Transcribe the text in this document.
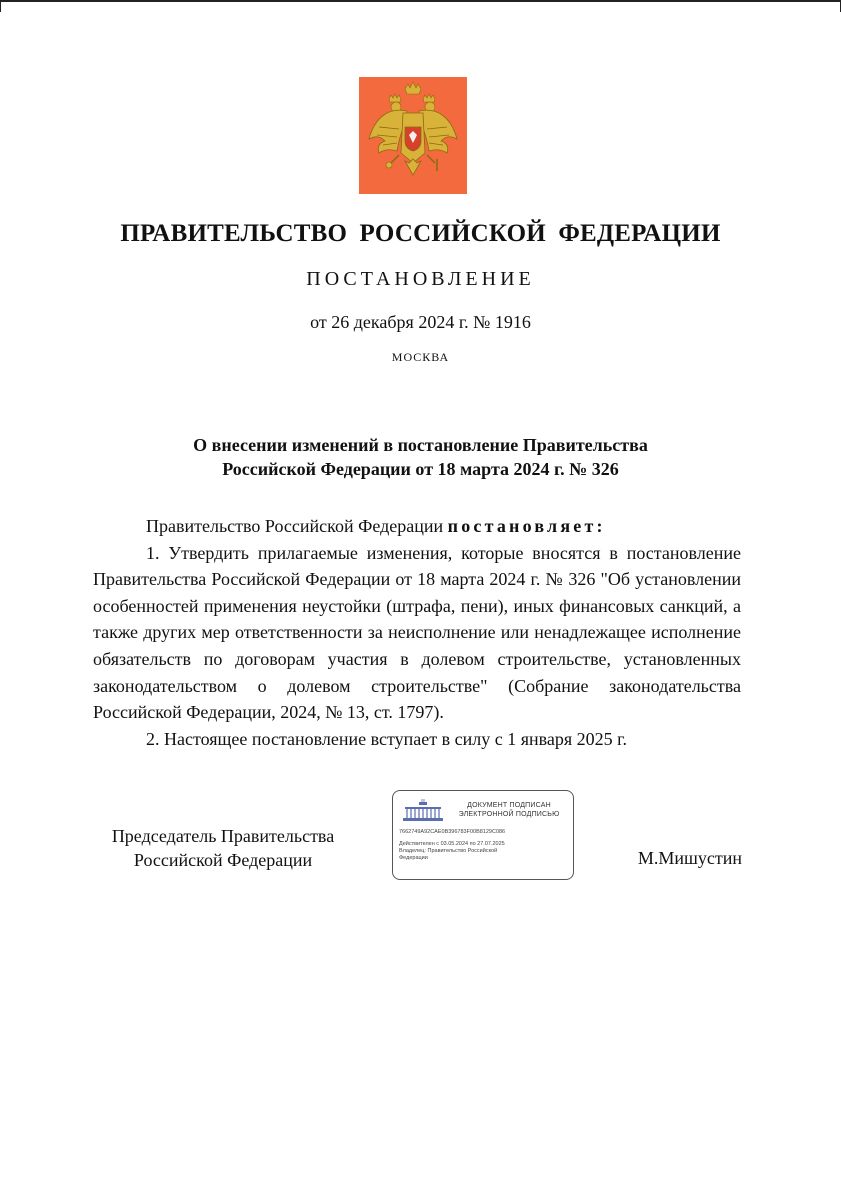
ПРАВИТЕЛЬСТВО РОССИЙСКОЙ ФЕДЕРАЦИИ
ПОСТАНОВЛЕНИЕ
от 26 декабря 2024 г. № 1916
МОСКВА
О внесении изменений в постановление Правительства
Российской Федерации от 18 марта 2024 г. № 326

Правительство Российской Федерации постановляет:

1. Утвердить прилагаемые изменения, которые вносятся в постановление Правительства Российской Федерации от 18 марта 2024 г. № 326 "Об установлении особенностей применения неустойки (штрафа, пени), иных финансовых санкций, а также других мер ответственности за неисполнение или ненадлежащее исполнение обязательств по договорам участия в долевом строительстве, установленных законодательством о долевом строительстве" (Собрание законодательства Российской Федерации, 2024, № 13, ст. 1797).

2. Настоящее постановление вступает в силу с 1 января 2025 г.

Председатель Правительства
Российской Федерации
ДОКУМЕНТ ПОДПИСАН
ЭЛЕКТРОННОЙ ПОДПИСЬЮ
7662749A92CAE0B396783F00B8129C086
Действителен с 03.05.2024 по 27.07.2025
Владелец: Правительство Российской
Федерации	М.Мишустин
